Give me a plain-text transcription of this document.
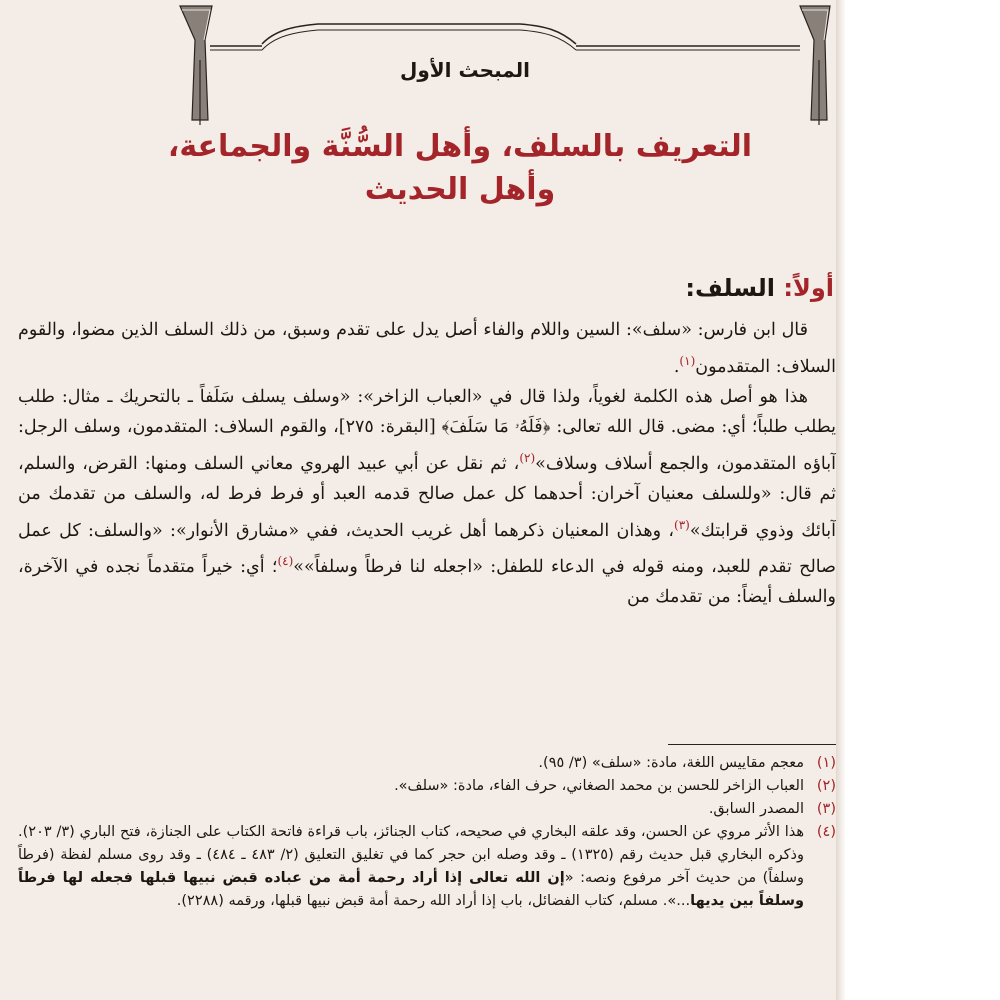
المبحث الأول
التعريف بالسلف، وأهل السُّنَّة والجماعة،
وأهل الحديث
أولاً: السلف:

قال ابن فارس: «سلف»: السين واللام والفاء أصل يدل على تقدم وسبق، من ذلك السلف الذين مضوا، والقوم السلاف: المتقدمون$^{(١)}$.

هذا هو أصل هذه الكلمة لغوياً، ولذا قال في «العباب الزاخر»: «وسلف يسلف سَلَفاً ـ بالتحريك ـ مثال: طلب يطلب طلباً؛ أي: مضى. قال الله تعالى: ﴿فَلَهُۥ مَا سَلَفَ﴾ [البقرة: ٢٧٥]، والقوم السلاف: المتقدمون، وسلف الرجل: آباؤه المتقدمون، والجمع أسلاف وسلاف»$^{(٢)}$، ثم نقل عن أبي عبيد الهروي معاني السلف ومنها: القرض، والسلم، ثم قال: «وللسلف معنيان آخران: أحدهما كل عمل صالح قدمه العبد أو فرط فرط له، والسلف من تقدمك من آبائك وذوي قرابتك»$^{(٣)}$، وهذان المعنيان ذكرهما أهل غريب الحديث، ففي «مشارق الأنوار»: «والسلف: كل عمل صالح تقدم للعبد، ومنه قوله في الدعاء للطفل: «اجعله لنا فرطاً وسلفاً»»$^{(٤)}$؛ أي: خيراً متقدماً نجده في الآخرة، والسلف أيضاً: من تقدمك من

(١)
معجم مقاييس اللغة، مادة: «سلف» (٣/ ٩٥).
(٢)
العباب الزاخر للحسن بن محمد الصغاني، حرف الفاء، مادة: «سلف».
(٣)
المصدر السابق.
(٤)
هذا الأثر مروي عن الحسن، وقد علقه البخاري في صحيحه، كتاب الجنائز، باب قراءة فاتحة الكتاب على الجنازة، فتح الباري (٣/ ٢٠٣). وذكره البخاري قبل حديث رقم (١٣٢٥) ـ وقد وصله ابن حجر كما في تغليق التعليق (٢/ ٤٨٣ ـ ٤٨٤) ـ وقد روى مسلم لفظة (فرطاً وسلفاً) من حديث آخر مرفوع ونصه: «إن الله تعالى إذا أراد رحمة أمة من عباده قبض نبيها قبلها فجعله لها فرطاً وسلفاً بين يديها...». مسلم، كتاب الفضائل، باب إذا أراد الله رحمة أمة قبض نبيها قبلها، ورقمه (٢٢٨٨).
